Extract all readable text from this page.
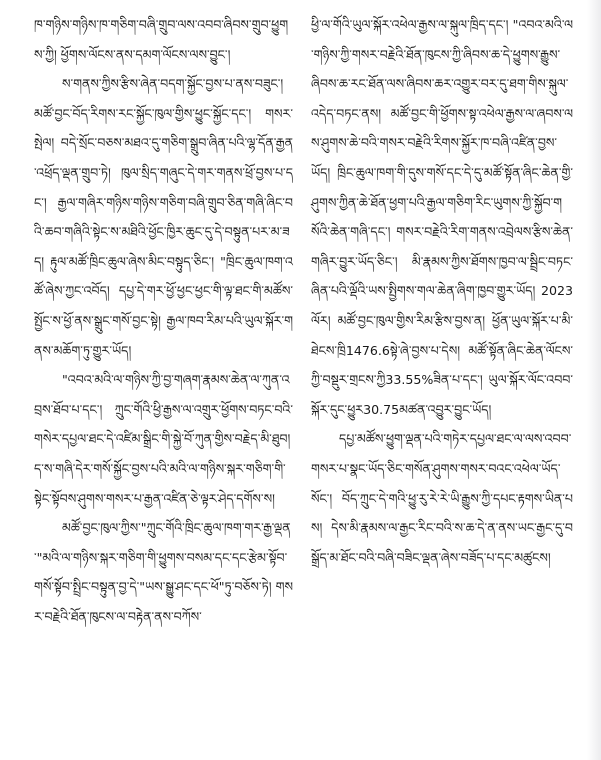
ཁ་གཉིས་གཉིས་ཁ་གཅིག་བཞི་གྲུབ་ལས་འབབ་ཞིབས་གྲུབ་ཕྱུགས་ཀྱི། ཕྱོགས་ལོངས་ནས་དམག་ལོངས་ལས་བྱུང་།

ས་གནས་ཀྱིས་རྩིས་ཞེན་བདག་སྐྱོང་བྱས་པ་ནས་བཟུང་། མཚོ་བྱང་བོད་རིགས་རང་སྐྱོང་ཁུལ་གྱིས་ཕྱུང་སྐྱོང་དང་། གསར་སྤེལ། བདེ་སྲོང་བཅས་མཐའ་དུ་གཅིག་སྒྲུབ་ཞིན་པའི་ལྷ་དོན་རྒྱན་འཕྲོད་ལྡན་གྲུབ་ཏེ། ཁུལ་སྲིད་གཞུང་དེ་གར་གནས་ཕྲོ་བྱས་པ་དང་། རྒྱལ་གཞིར་གཉིས་གཉིས་གཅིག་བཞི་གྲུབ་ཅིན་གཞི་ཞིང་བའི་ཆབ་གཞིའི་སྟེང་ས་མཐིའི་ཕྱོང་ཁྱིར་ཆུང་དུ་དེ་བསྟུན་པར་མ་ཟད། རྟུལ་མཚོ་ཁྲིང་ཆུལ་ཞེས་མིང་བསྟུད་ཅིང་། "ཁྲིང་ཆུལ་ཁག་འཚོ་ཞེས་ཀྱང་འབོད། དཔྱ་དེ་གར་ཕྱོ་ཕྱང་ཕྱང་གི་ལྟ་ཐང་གི་མཚོས་སྤྱོང་ས་ཕྱོ་ནས་སྒྲུང་གསོ་བྱང་སྟེ། རྒྱལ་ཁབ་རིམ་པའི་ཡུལ་སྐོར་གནས་མཆོག་ཏུ་གྱུར་ཡོད།

"འབའ་མའི་ལ་གཉིས་ཀྱི་བྱ་གཞག་རྣམས་ཆེན་ལ་ཀུན་འབྲས་ཐོབ་པ་དང་། ཀྲུང་གོའི་ཕྱི་རྒྱས་ལ་འགྲུར་ཕྱོགས་བཏང་བའི་གསེར་དཔྱལ་ཐང་དེ་འཛིམ་སྒྲིང་གི་སྐྱེ་བོ་ཀུན་གྱིས་བརྗེད་མི་ཐུབ། ད་ས་གཞི་དེར་གསོ་སྐྱོང་བྱས་པའི་མའི་ལ་གཉིས་སྐར་གཅིག་གི་སྟེང་སྟོབས་ཤུགས་གསར་པ་རྒྱན་འཛིན་ཅེ་ལྟར་ཤེད་དགོས་ས།

མཚོ་བྱང་ཁུལ་ཀྱིས་"ཀྲུང་གོའི་ཁྲིང་ཆུལ་ཁག་གར་རྒྱ་ལྡན་"མའི་ལ་གཉིས་སྐར་གཅིག་གི་ཕྱུགས་བསམ་དང་དང་རྩེམ་སྟོབ་གསོ་སྟོབ་སྤྲིང་བསྟུན་བྱ་དེ་"ཡས་སྒྱུ་ཤང་དང་ཕོ"ཏུ་བཅོས་ཏེ། གསར་བརྗེའི་ཐོན་ཁུངས་ལ་བརྟེན་ནས་བཀོས་

ཕྱི་ལ་གོའི་ཡུལ་སྐོར་འཕེལ་རྒྱས་ལ་སྐུལ་ཁྲིད་དང་། "འབའ་མའི་ལ་གཉིས་ཀྱི་གསར་བརྗེའི་ཐོན་ཁུངས་ཀྱི་ཞིབས་ཆ་དེ་ཕྱུགས་རྒྱུས་ཞིབས་ཆ་རང་ཐོན་ལས་ཞིབས་ཆར་འགྱུར་བར་དུ་ཐག་གིས་སྐུལ་འདེད་བཏང་ནས། མཚོ་བྱང་གི་ཕྱོགས་སྟ་འཕེལ་རྒྱས་ལ་ཞབས་ལས་ཤུགས་ཆེ་བའི་གསར་བརྗེའི་རིགས་སྐྱོར་ཁ་བཞི་འཛིན་བྱས་ཡོད། ཁྲིང་ཆུལ་ཁག་གི་དུས་གསོ་དང་དེ་དུ་མཚོ་སྟོན་ཞིང་ཆེན་གྱི་ཤུགས་ཀྱིན་ཆེ་ཐོན་ཕྱག་པའི་རྒྱལ་གཅིག་རིང་ཡུགས་ཀྱི་སྐྱོབ་གསོའི་ཆེན་གཞི་དང་། གསར་བརྗེའི་རིག་གནས་འབྲེལས་རྩིས་ཆེན་གཞིར་བྱུར་ཡོད་ཅིང་། མི་རྣམས་ཀྱིས་ཐོགས་ཁྱབ་ལ་སྦྲིང་བཏང་ཞིན་པའི་ལྡོའི་ཡས་སྤྱིགས་གལ་ཆེན་ཞིག་ཁྱབ་གྱུར་ཡོད། 2023ལོར། མཚོ་བྱང་ཁུལ་གྱིས་རིམ་རྩིས་བྱས་ན། ཕྱོན་ཡུལ་སྐོར་པ་མི་ཐེངས་ཁྲི1476.6སྟེ་ཞེ་བྱས་པ་དེས། མཚོ་སྟོན་ཞིང་ཆེན་ལོངས་ཀྱི་བསྡུར་གྲངས་ཀྱི33.55%ཟིན་པ་དང་། ཡུལ་སྐོར་ལོང་འབབ་སྐོར་དུང་ཕྱུར30.75མཚན་འབྱུར་བྱུང་ཡོད།

དཔྱ་མཚོས་ཕྱུག་ལྡན་པའི་གཏེར་དཔྱལ་ཐང་ལ་ལས་འབབ་གསར་པ་སྣང་ཡོད་ཅིང་གསོན་ཤུགས་གསར་བའང་འཕེལ་ཡོད་སོང་། བོད་ཀྲུང་དེ་གའི་ཕྱུ་རུ་རེ་རེ་ཡི་རྒྱུས་ཀྱི་དཔང་རྟགས་ཡིན་པས། དེས་མི་རྣམས་ལ་རྒྱང་རིང་བའི་ས་ཆ་དེ་ན་ནས་ཡང་རྒྱང་དུ་བསྒྲོད་མ་ཐོང་བའི་བཞི་བཟིང་ལྡན་ཞེས་བཟོད་པ་དང་མཚུངས།
